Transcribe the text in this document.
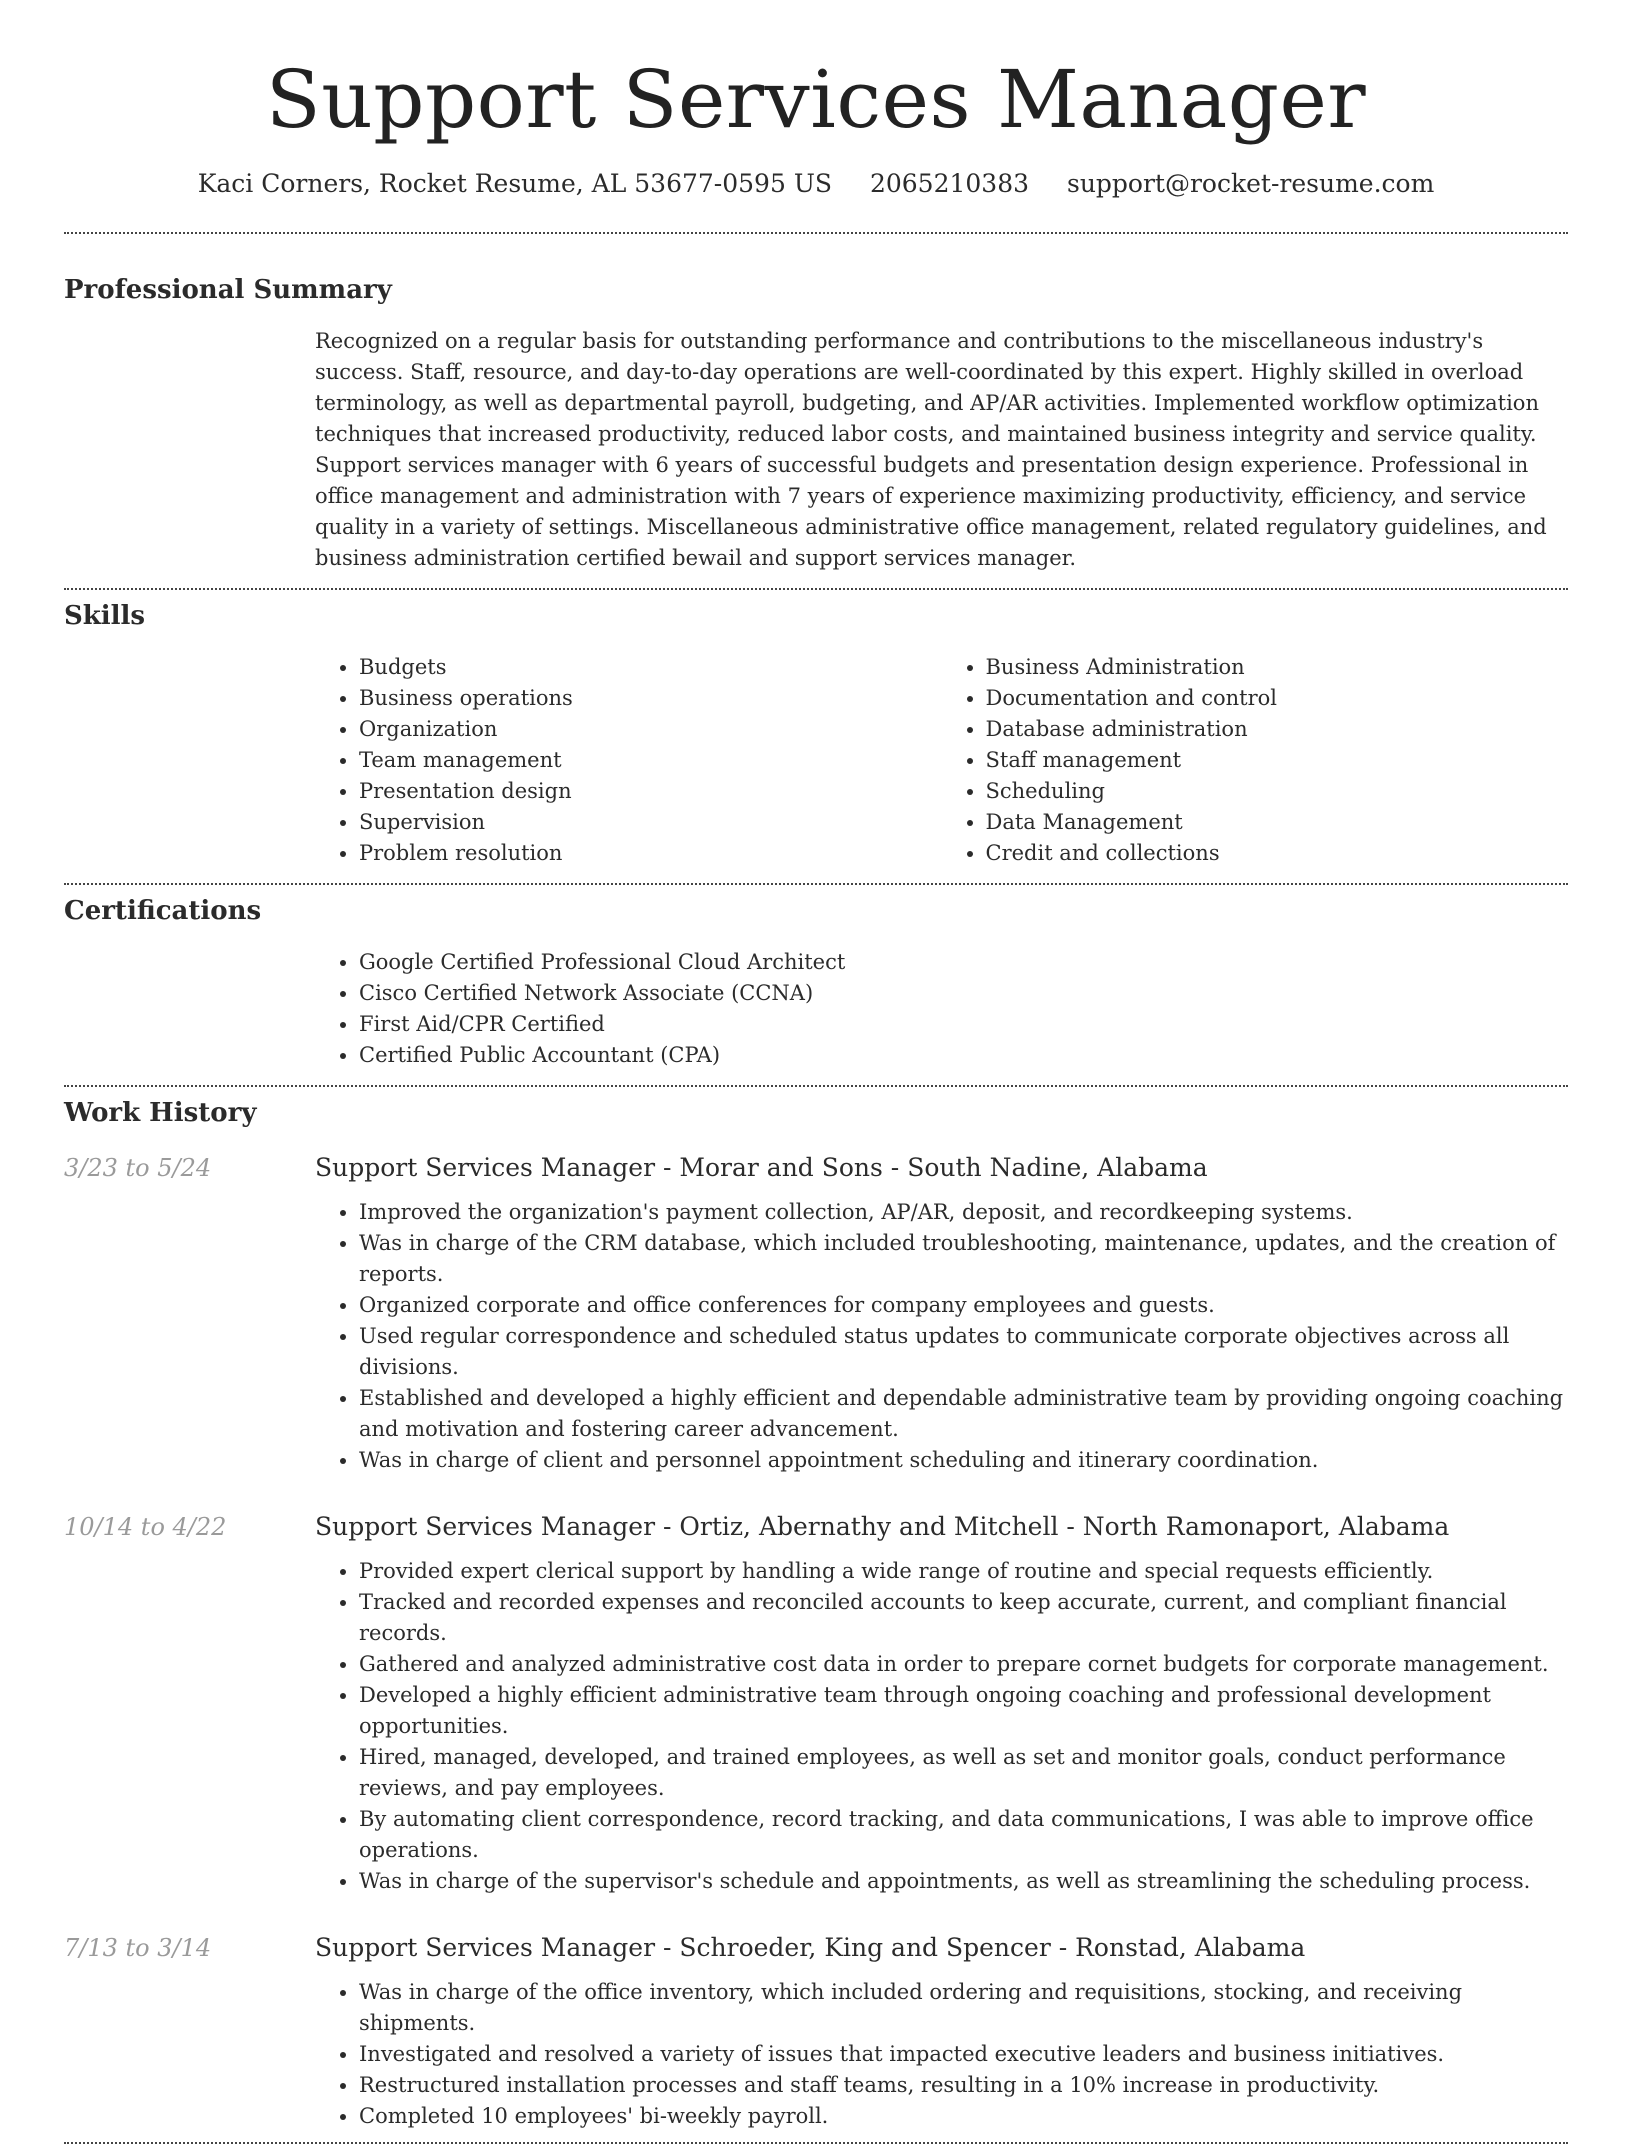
Support Services Manager
Kaci Corners, Rocket Resume, AL 53677-0595 US 2065210383 support@rocket-resume.com
Professional Summary

Recognized on a regular basis for outstanding performance and contributions to the miscellaneous industry's success. Staff, resource, and day-to-day operations are well-coordinated by this expert. Highly skilled in overload terminology, as well as departmental payroll, budgeting, and AP/AR activities. Implemented workflow optimization techniques that increased productivity, reduced labor costs, and maintained business integrity and service quality. Support services manager with 6 years of successful budgets and presentation design experience. Professional in office management and administration with 7 years of experience maximizing productivity, efficiency, and service quality in a variety of settings. Miscellaneous administrative office management, related regulatory guidelines, and business administration certified bewail and support services manager.

Skills
• Budgets
• Business operations
• Organization
• Team management
• Presentation design
• Supervision
• Problem resolution
• Business Administration
• Documentation and control
• Database administration
• Staff management
• Scheduling
• Data Management
• Credit and collections
Certifications
• Google Certified Professional Cloud Architect
• Cisco Certified Network Associate (CCNA)
• First Aid/CPR Certified
• Certified Public Accountant (CPA)
Work History
3/23 to 5/24	Support Services Manager - Morar and Sons - South Nadine, Alabama
• Improved the organization's payment collection, AP/AR, deposit, and recordkeeping systems.
• Was in charge of the CRM database, which included troubleshooting, maintenance, updates, and the creation of reports.
• Organized corporate and office conferences for company employees and guests.
• Used regular correspondence and scheduled status updates to communicate corporate objectives across all divisions.
• Established and developed a highly efficient and dependable administrative team by providing ongoing coaching and motivation and fostering career advancement.
• Was in charge of client and personnel appointment scheduling and itinerary coordination.
10/14 to 4/22	Support Services Manager - Ortiz, Abernathy and Mitchell - North Ramonaport, Alabama
• Provided expert clerical support by handling a wide range of routine and special requests efficiently.
• Tracked and recorded expenses and reconciled accounts to keep accurate, current, and compliant financial records.
• Gathered and analyzed administrative cost data in order to prepare cornet budgets for corporate management.
• Developed a highly efficient administrative team through ongoing coaching and professional development opportunities.
• Hired, managed, developed, and trained employees, as well as set and monitor goals, conduct performance reviews, and pay employees.
• By automating client correspondence, record tracking, and data communications, I was able to improve office operations.
• Was in charge of the supervisor's schedule and appointments, as well as streamlining the scheduling process.
7/13 to 3/14	Support Services Manager - Schroeder, King and Spencer - Ronstad, Alabama
• Was in charge of the office inventory, which included ordering and requisitions, stocking, and receiving shipments.
• Investigated and resolved a variety of issues that impacted executive leaders and business initiatives.
• Restructured installation processes and staff teams, resulting in a 10% increase in productivity.
• Completed 10 employees' bi-weekly payroll.
